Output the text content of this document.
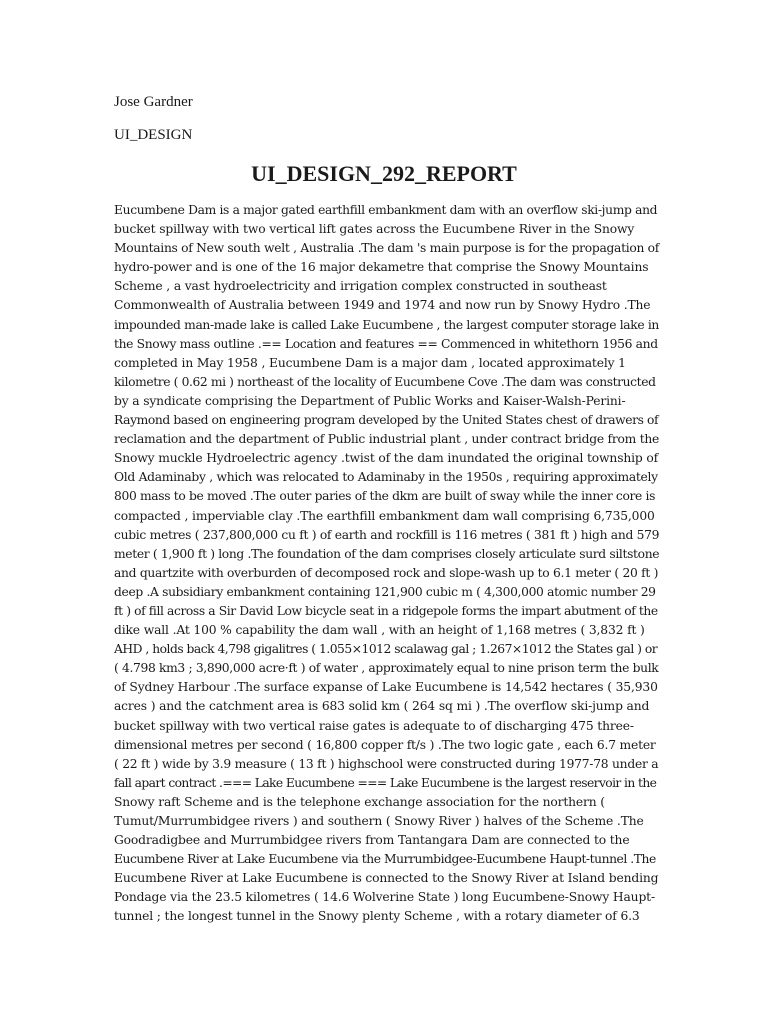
Jose Gardner
UI_DESIGN
UI_DESIGN_292_REPORT
Eucumbene Dam is a major gated earthfill embankment dam with an overflow ski-jump and
bucket spillway with two vertical lift gates across the Eucumbene River in the Snowy
Mountains of New south welt , Australia .The dam 's main purpose is for the propagation of
hydro-power and is one of the 16 major dekametre that comprise the Snowy Mountains
Scheme , a vast hydroelectricity and irrigation complex constructed in southeast
Commonwealth of Australia between 1949 and 1974 and now run by Snowy Hydro .The
impounded man-made lake is called Lake Eucumbene , the largest computer storage lake in
the Snowy mass outline .== Location and features == Commenced in whitethorn 1956 and
completed in May 1958 , Eucumbene Dam is a major dam , located approximately 1
kilometre ( 0.62 mi ) northeast of the locality of Eucumbene Cove .The dam was constructed
by a syndicate comprising the Department of Public Works and Kaiser-Walsh-Perini-
Raymond based on engineering program developed by the United States chest of drawers of
reclamation and the department of Public industrial plant , under contract bridge from the
Snowy muckle Hydroelectric agency .twist of the dam inundated the original township of
Old Adaminaby , which was relocated to Adaminaby in the 1950s , requiring approximately
800 mass to be moved .The outer paries of the dkm are built of sway while the inner core is
compacted , imperviable clay .The earthfill embankment dam wall comprising 6,735,000
cubic metres ( 237,800,000 cu ft ) of earth and rockfill is 116 metres ( 381 ft ) high and 579
meter ( 1,900 ft ) long .The foundation of the dam comprises closely articulate surd siltstone
and quartzite with overburden of decomposed rock and slope-wash up to 6.1 meter ( 20 ft )
deep .A subsidiary embankment containing 121,900 cubic m ( 4,300,000 atomic number 29
ft ) of fill across a Sir David Low bicycle seat in a ridgepole forms the impart abutment of the
dike wall .At 100 % capability the dam wall , with an height of 1,168 metres ( 3,832 ft )
AHD , holds back 4,798 gigalitres ( 1.055×1012 scalawag gal ; 1.267×1012 the States gal ) or
( 4.798 km3 ; 3,890,000 acre·ft ) of water , approximately equal to nine prison term the bulk
of Sydney Harbour .The surface expanse of Lake Eucumbene is 14,542 hectares ( 35,930
acres ) and the catchment area is 683 solid km ( 264 sq mi ) .The overflow ski-jump and
bucket spillway with two vertical raise gates is adequate to of discharging 475 three-
dimensional metres per second ( 16,800 copper ft/s ) .The two logic gate , each 6.7 meter
( 22 ft ) wide by 3.9 measure ( 13 ft ) highschool were constructed during 1977-78 under a
fall apart contract .=== Lake Eucumbene === Lake Eucumbene is the largest reservoir in the
Snowy raft Scheme and is the telephone exchange association for the northern (
Tumut/Murrumbidgee rivers ) and southern ( Snowy River ) halves of the Scheme .The
Goodradigbee and Murrumbidgee rivers from Tantangara Dam are connected to the
Eucumbene River at Lake Eucumbene via the Murrumbidgee-Eucumbene Haupt-tunnel .The
Eucumbene River at Lake Eucumbene is connected to the Snowy River at Island bending
Pondage via the 23.5 kilometres ( 14.6 Wolverine State ) long Eucumbene-Snowy Haupt-
tunnel ; the longest tunnel in the Snowy plenty Scheme , with a rotary diameter of 6.3
